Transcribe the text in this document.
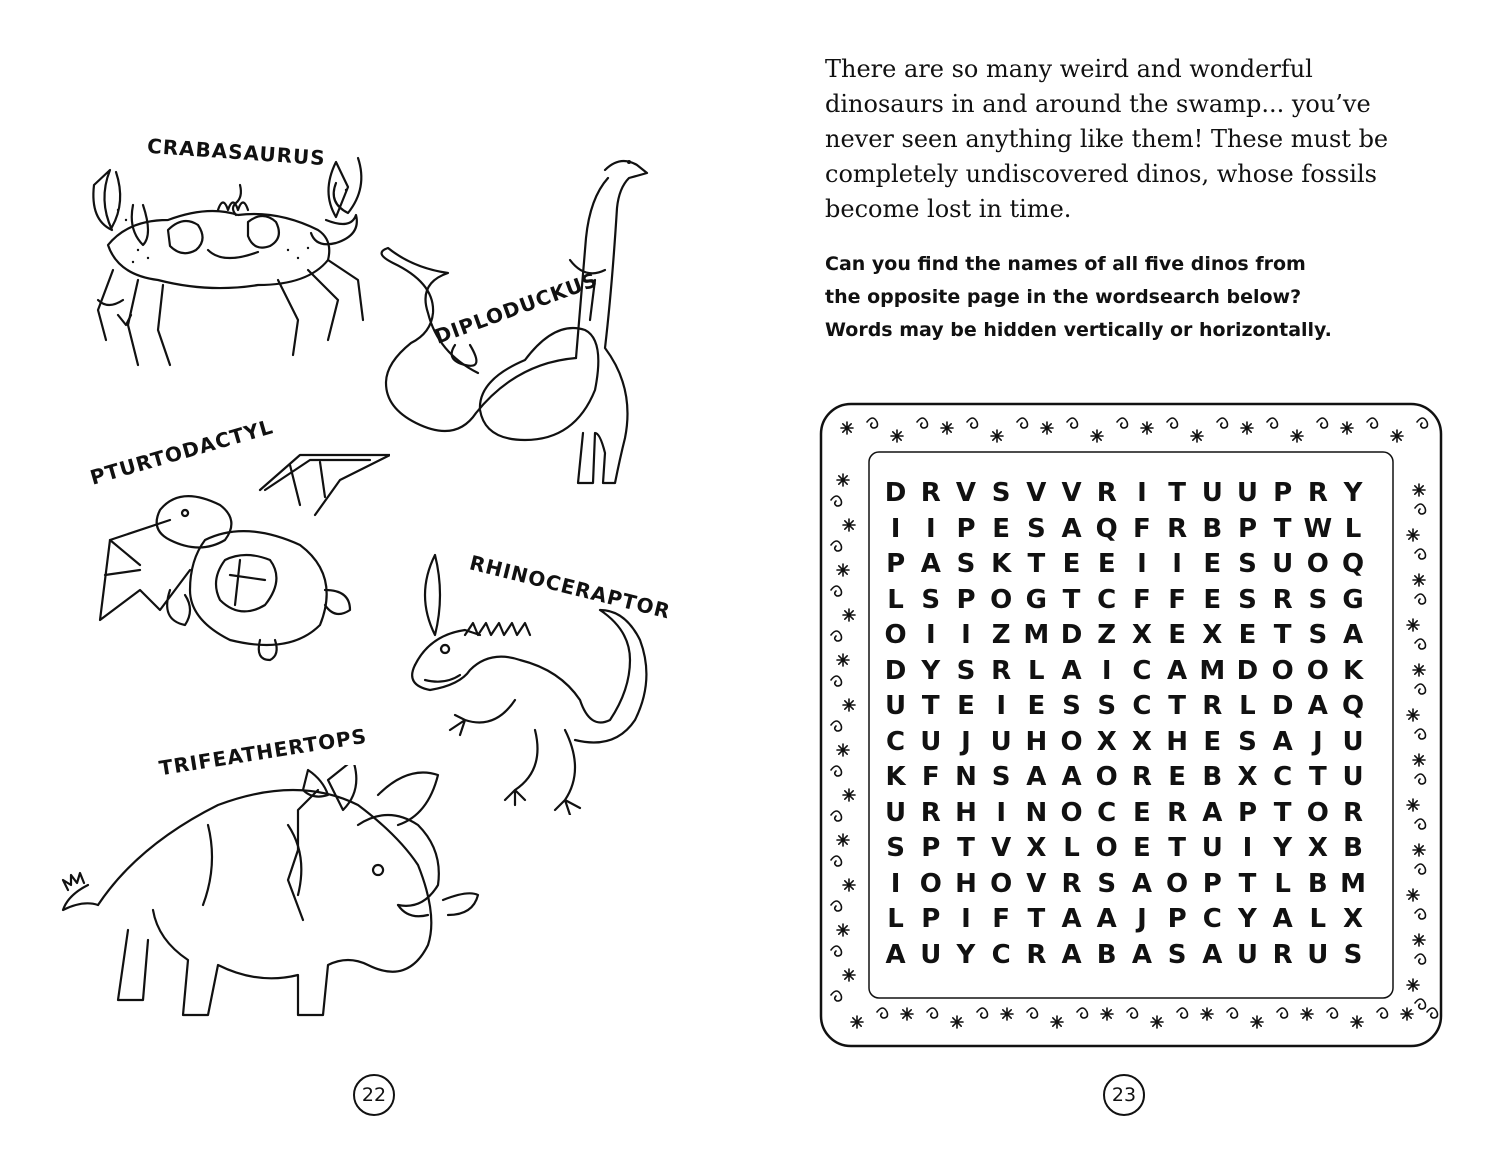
CRABASAURUS
DIPLODUCKUS
PTURTODACTYL
RHINOCERAPTOR
TRIFEATHERTOPS
22
There are so many weird and wonderful
dinosaurs in and around the swamp... you’ve
never seen anything like them! These must be
completely undiscovered dinos, whose fossils
become lost in time.
Can you find the names of all five dinos from
the opposite page in the wordsearch below?
Words may be hidden vertically or horizontally.
D R V S V V R I T U U P R Y
I I P E S A Q F R B P T W L
P A S K T E E I I E S U O Q
L S P O G T C F F E S R S G
O I I Z M D Z X E X E T S A
D Y S R L A I C A M D O O K
U T E I E S S C T R L D A Q
C U J U H O X X H E S A J U
K F N S A A O R E B X C T U
U R H I N O C E R A P T O R
S P T V X L O E T U I Y X B
I O H O V R S A O P T L B M
L P I F T A A J P C Y A L X
A U Y C R A B A S A U R U S
23
